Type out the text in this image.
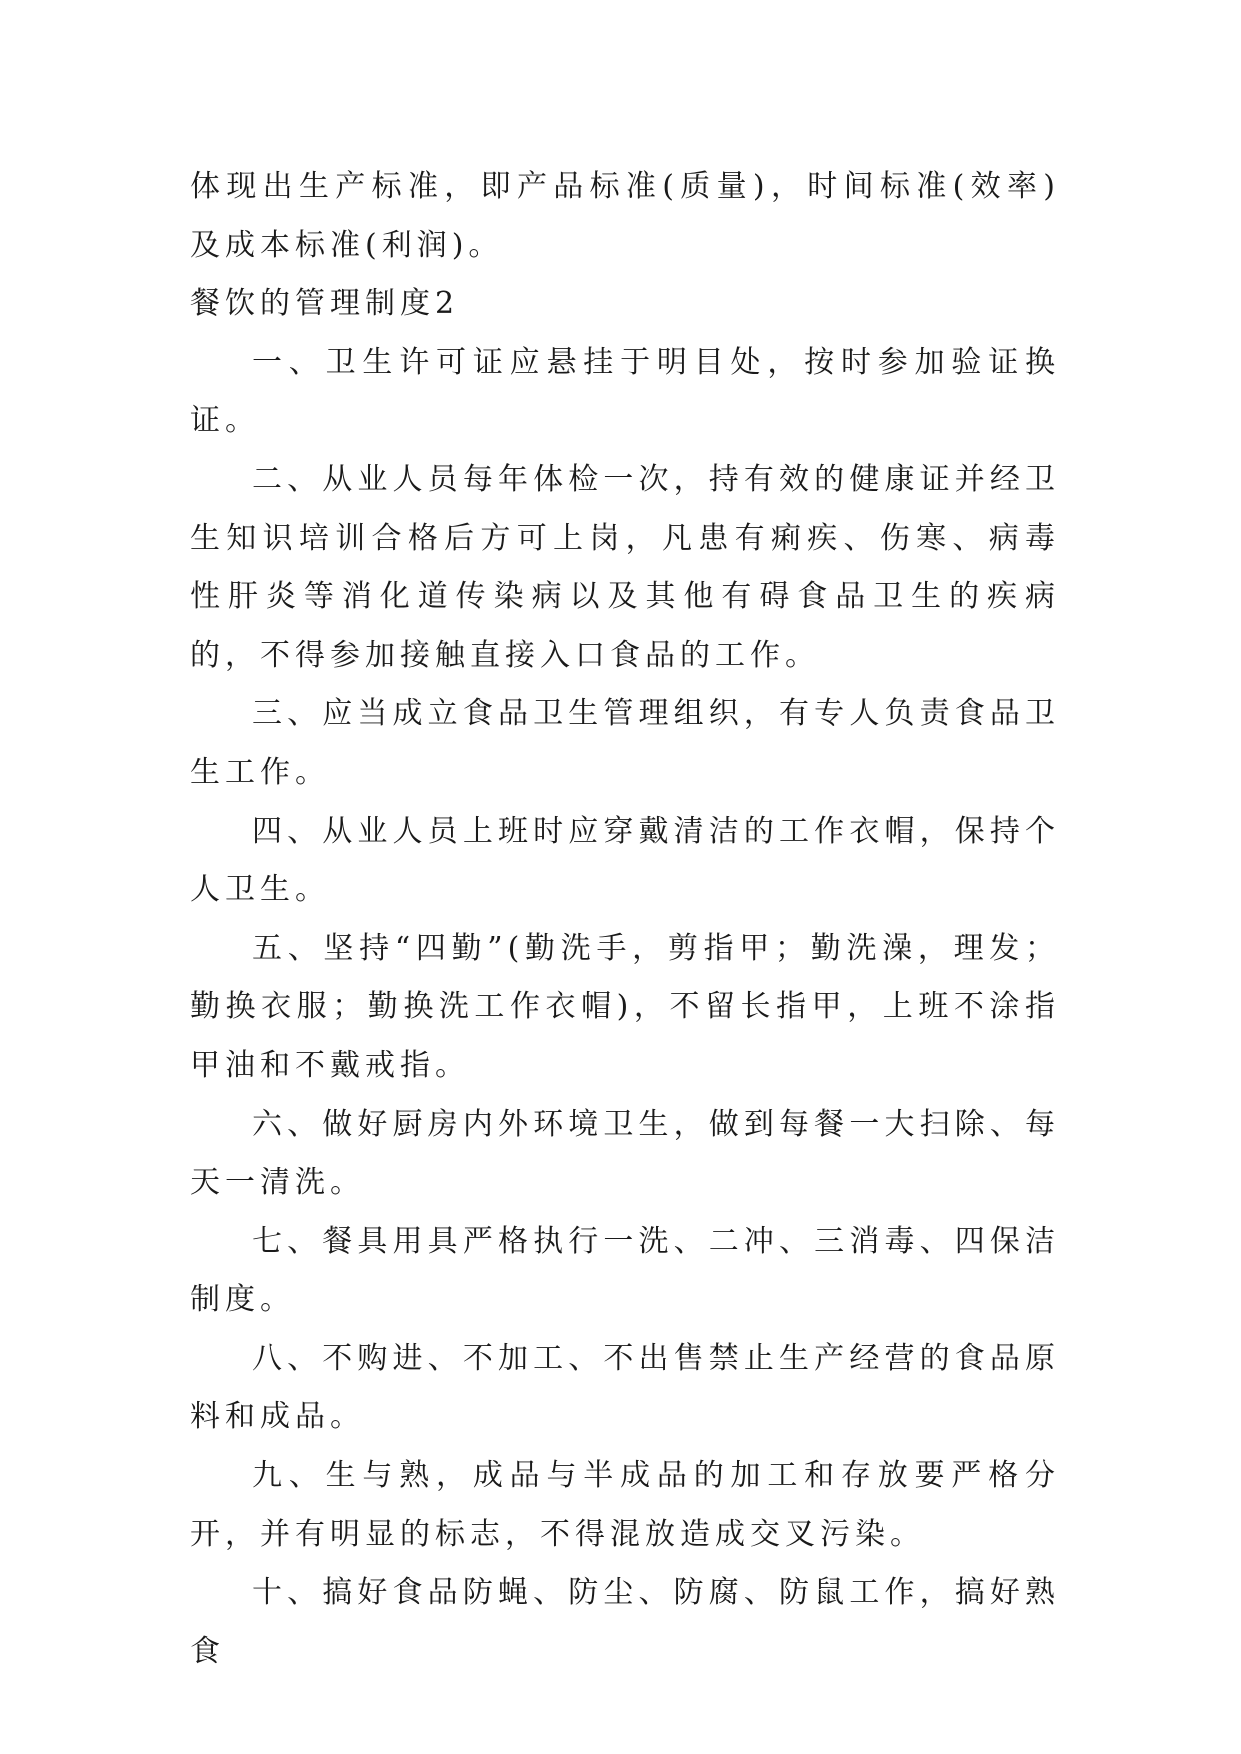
体现出生产标准，即产品标准(质量)，时间标准(效率)及成本标准(利润)。

餐饮的管理制度2

一、卫生许可证应悬挂于明目处，按时参加验证换证。

二、从业人员每年体检一次，持有效的健康证并经卫生知识培训合格后方可上岗，凡患有痢疾、伤寒、病毒性肝炎等消化道传染病以及其他有碍食品卫生的疾病的，不得参加接触直接入口食品的工作。

三、应当成立食品卫生管理组织，有专人负责食品卫生工作。

四、从业人员上班时应穿戴清洁的工作衣帽，保持个人卫生。

五、坚持“四勤”(勤洗手，剪指甲；勤洗澡，理发；勤换衣服；勤换洗工作衣帽)，不留长指甲，上班不涂指甲油和不戴戒指。

六、做好厨房内外环境卫生，做到每餐一大扫除、每天一清洗。

七、餐具用具严格执行一洗、二冲、三消毒、四保洁制度。

八、不购进、不加工、不出售禁止生产经营的食品原料和成品。

九、生与熟，成品与半成品的加工和存放要严格分开，并有明显的标志，不得混放造成交叉污染。

十、搞好食品防蝇、防尘、防腐、防鼠工作，搞好熟食
